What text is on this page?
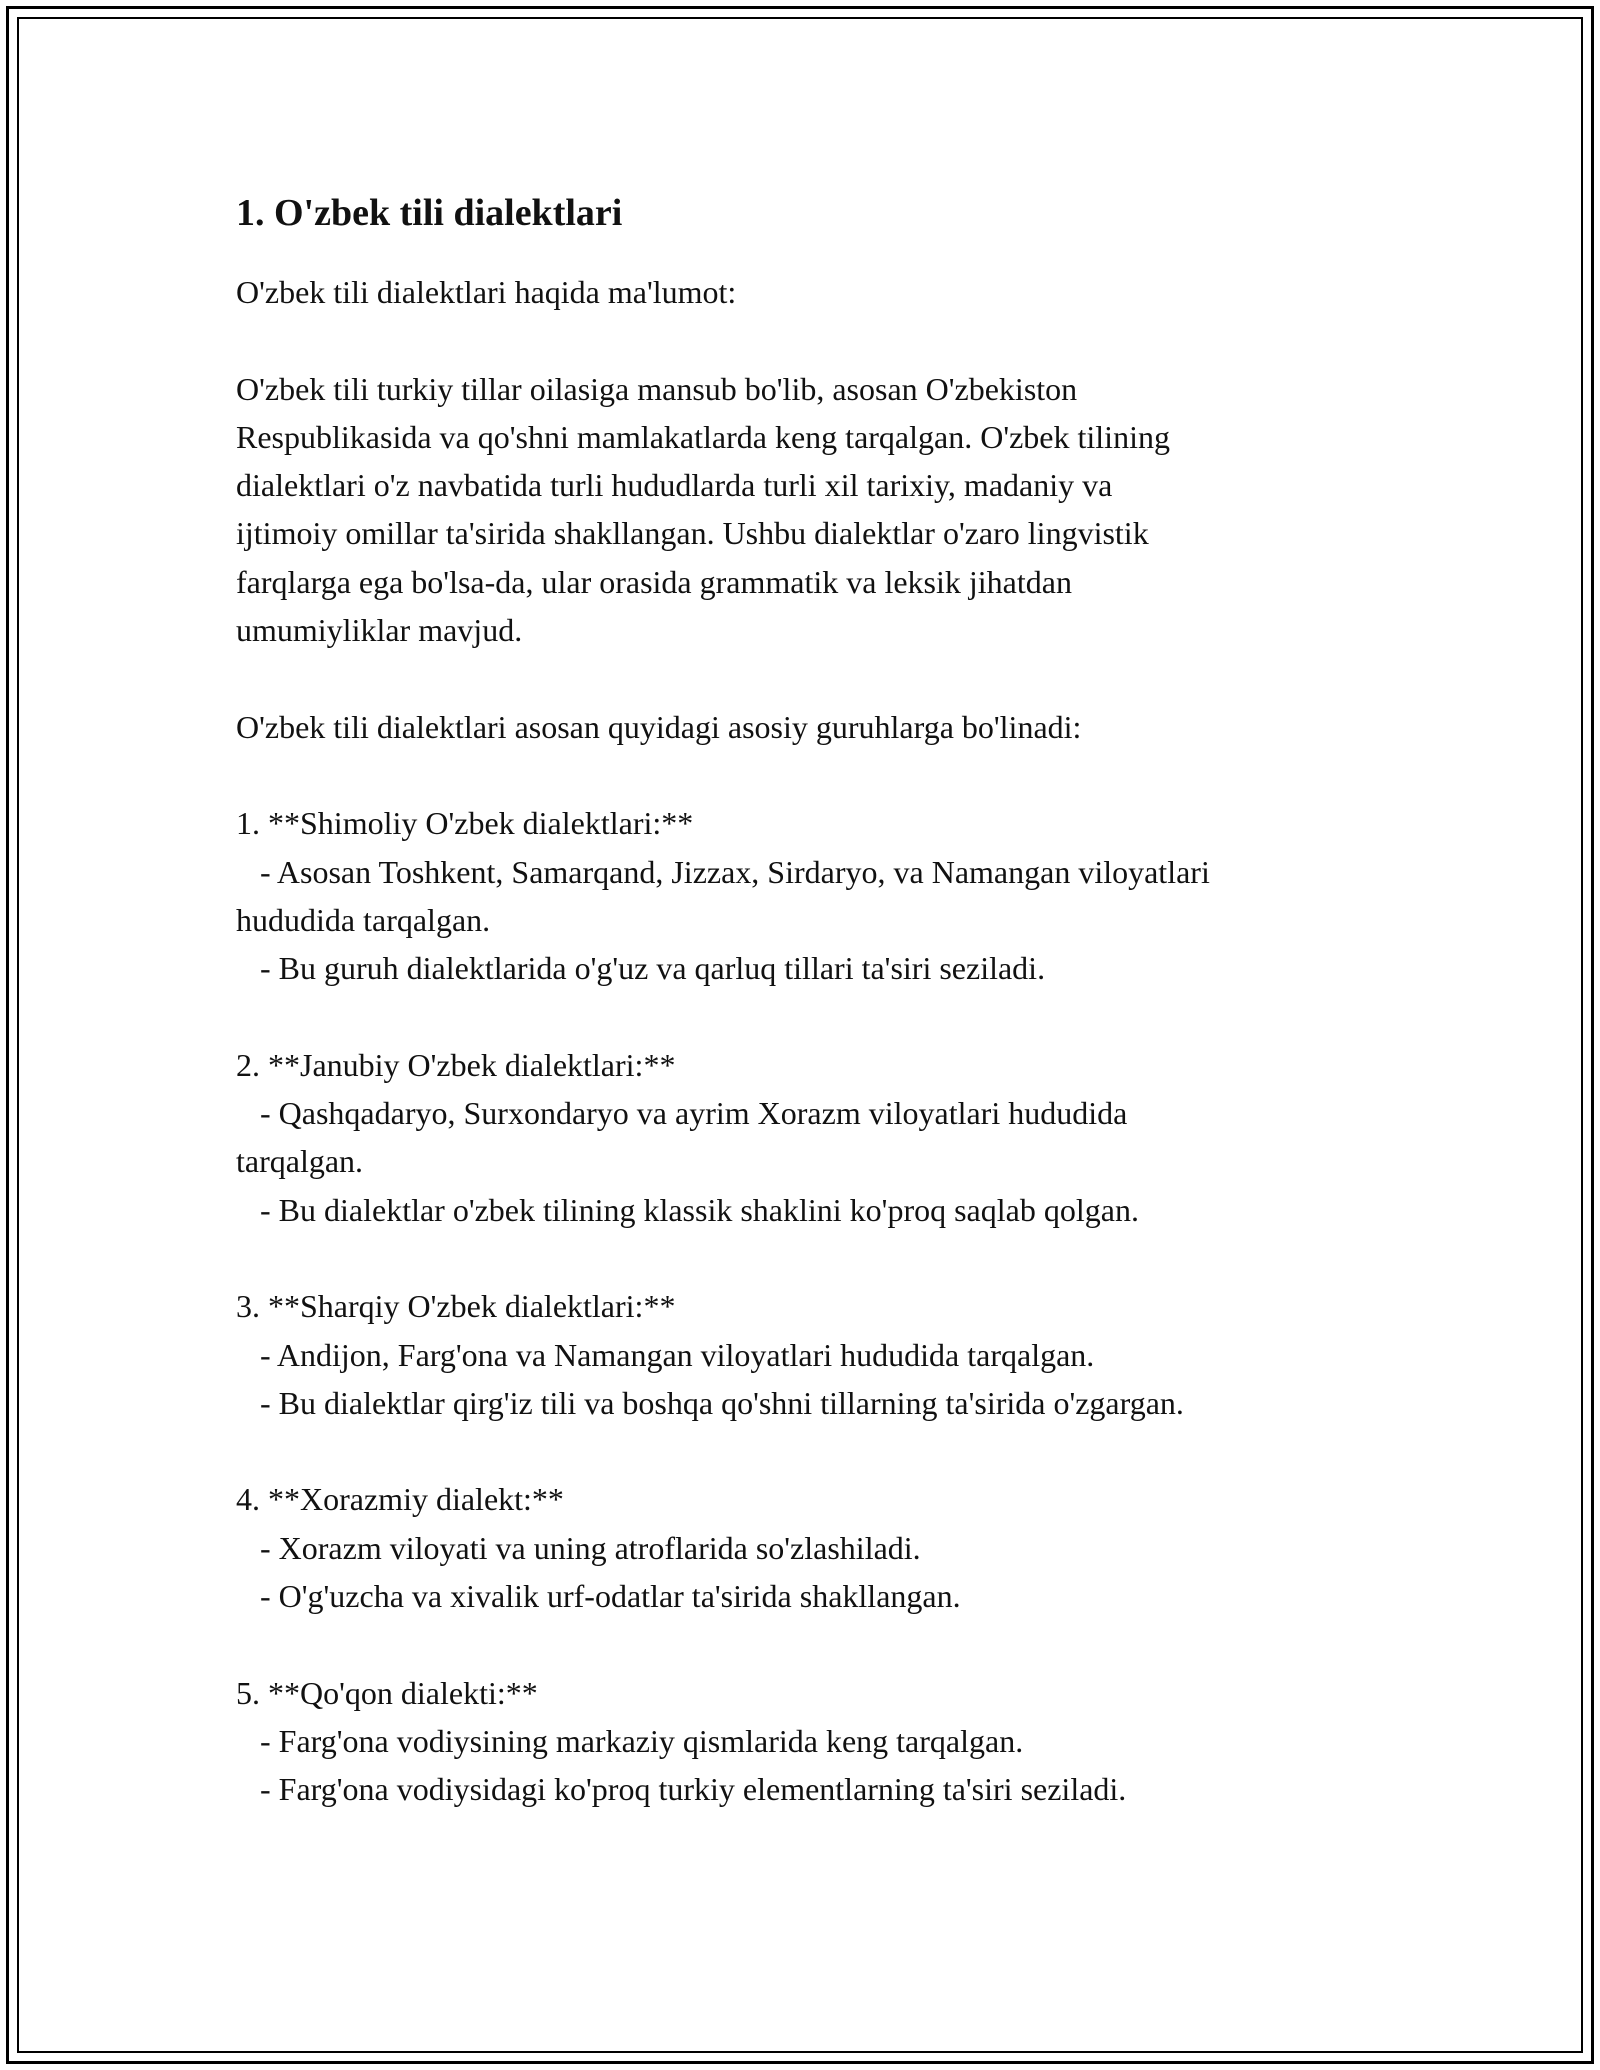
1. O'zbek tili dialektlari
O'zbek tili dialektlari haqida ma'lumot:
O'zbek tili turkiy tillar oilasiga mansub bo'lib, asosan O'zbekiston
Respublikasida va qo'shni mamlakatlarda keng tarqalgan. O'zbek tilining
dialektlari o'z navbatida turli hududlarda turli xil tarixiy, madaniy va
ijtimoiy omillar ta'sirida shakllangan. Ushbu dialektlar o'zaro lingvistik
farqlarga ega bo'lsa-da, ular orasida grammatik va leksik jihatdan
umumiyliklar mavjud.
O'zbek tili dialektlari asosan quyidagi asosiy guruhlarga bo'linadi:
1. **Shimoliy O'zbek dialektlari:**
- Asosan Toshkent, Samarqand, Jizzax, Sirdaryo, va Namangan viloyatlari
hududida tarqalgan.
- Bu guruh dialektlarida o'g'uz va qarluq tillari ta'siri seziladi.
2. **Janubiy O'zbek dialektlari:**
- Qashqadaryo, Surxondaryo va ayrim Xorazm viloyatlari hududida
tarqalgan.
- Bu dialektlar o'zbek tilining klassik shaklini ko'proq saqlab qolgan.
3. **Sharqiy O'zbek dialektlari:**
- Andijon, Farg'ona va Namangan viloyatlari hududida tarqalgan.
- Bu dialektlar qirg'iz tili va boshqa qo'shni tillarning ta'sirida o'zgargan.
4. **Xorazmiy dialekt:**
- Xorazm viloyati va uning atroflarida so'zlashiladi.
- O'g'uzcha va xivalik urf-odatlar ta'sirida shakllangan.
5. **Qo'qon dialekti:**
- Farg'ona vodiysining markaziy qismlarida keng tarqalgan.
- Farg'ona vodiysidagi ko'proq turkiy elementlarning ta'siri seziladi.
